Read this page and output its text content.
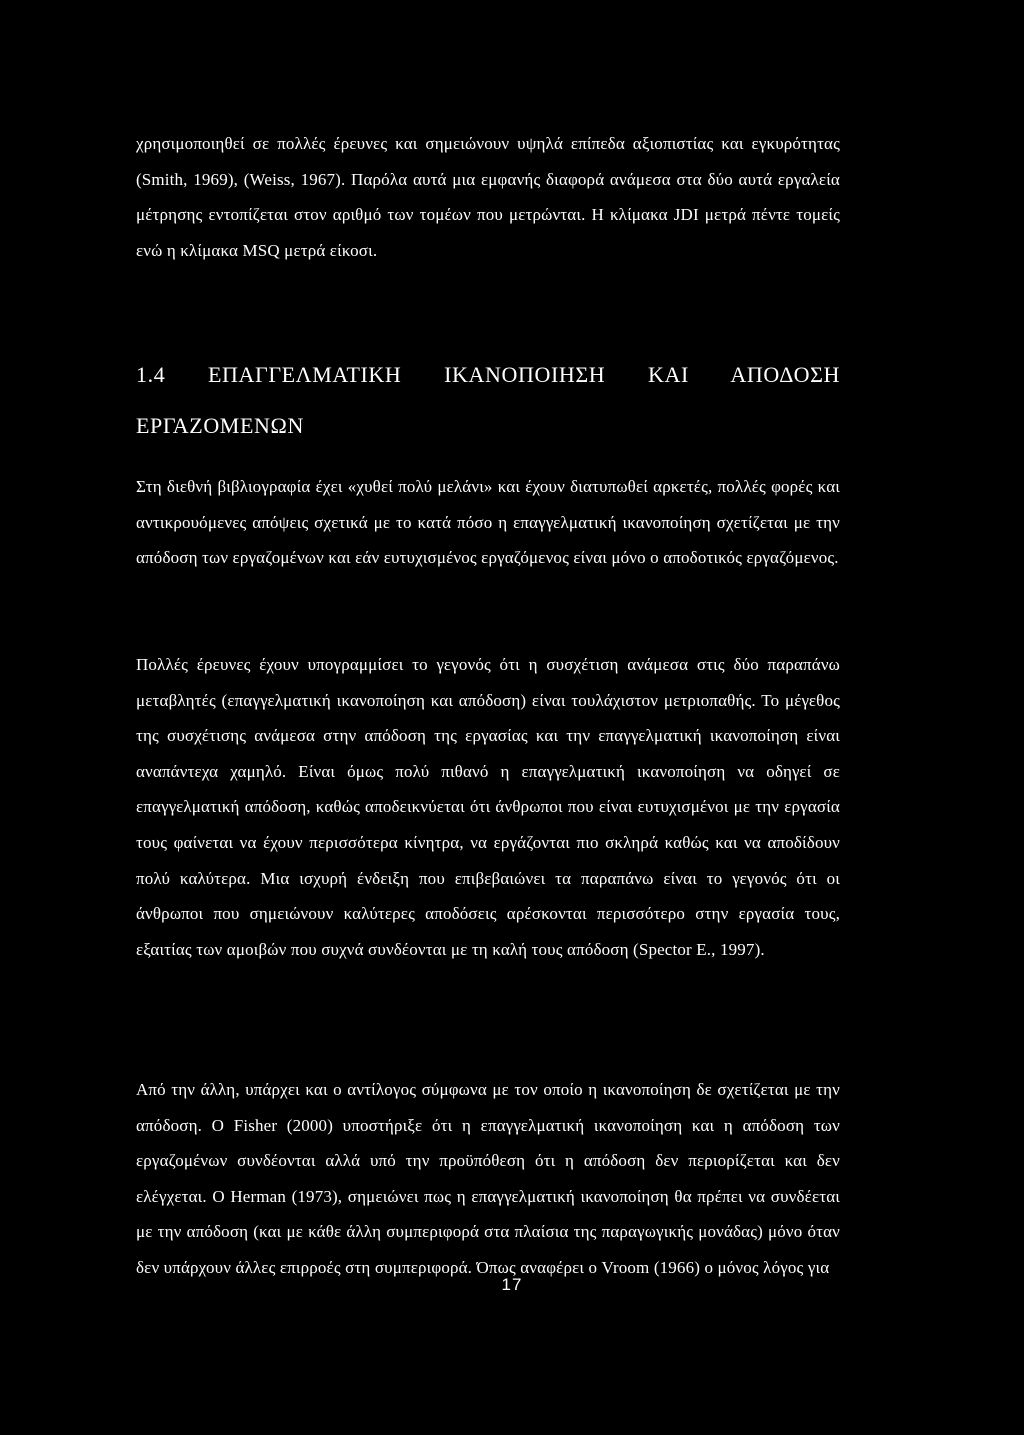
χρησιμοποιηθεί σε πολλές έρευνες και σημειώνουν υψηλά επίπεδα αξιοπιστίας και εγκυρότητας (Smith, 1969), (Weiss, 1967). Παρόλα αυτά μια εμφανής διαφορά ανάμεσα στα δύο αυτά εργαλεία μέτρησης εντοπίζεται στον αριθμό των τομέων που μετρώνται. Η κλίμακα JDI μετρά πέντε τομείς ενώ η κλίμακα MSQ μετρά είκοσι.

1.4 ΕΠΑΓΓΕΛΜΑΤΙΚΗ ΙΚΑΝΟΠΟΙΗΣΗ ΚΑΙ ΑΠΟΔΟΣΗ ΕΡΓΑΖΟΜΕΝΩΝ

Στη διεθνή βιβλιογραφία έχει «χυθεί πολύ μελάνι» και έχουν διατυπωθεί αρκετές, πολλές φορές και αντικρουόμενες απόψεις σχετικά με το κατά πόσο η επαγγελματική ικανοποίηση σχετίζεται με την απόδοση των εργαζομένων και εάν ευτυχισμένος εργαζόμενος είναι μόνο ο αποδοτικός εργαζόμενος.

Πολλές έρευνες έχουν υπογραμμίσει το γεγονός ότι η συσχέτιση ανάμεσα στις δύο παραπάνω μεταβλητές (επαγγελματική ικανοποίηση και απόδοση) είναι τουλάχιστον μετριοπαθής. Το μέγεθος της συσχέτισης ανάμεσα στην απόδοση της εργασίας και την επαγγελματική ικανοποίηση είναι αναπάντεχα χαμηλό. Είναι όμως πολύ πιθανό η επαγγελματική ικανοποίηση να οδηγεί σε επαγγελματική απόδοση, καθώς αποδεικνύεται ότι άνθρωποι που είναι ευτυχισμένοι με την εργασία τους φαίνεται να έχουν περισσότερα κίνητρα, να εργάζονται πιο σκληρά καθώς και να αποδίδουν πολύ καλύτερα. Μια ισχυρή ένδειξη που επιβεβαιώνει τα παραπάνω είναι το γεγονός ότι οι άνθρωποι που σημειώνουν καλύτερες αποδόσεις αρέσκονται περισσότερο στην εργασία τους, εξαιτίας των αμοιβών που συχνά συνδέονται με τη καλή τους απόδοση (Spector E., 1997).

Από την άλλη, υπάρχει και ο αντίλογος σύμφωνα με τον οποίο η ικανοποίηση δε σχετίζεται με την απόδοση. Ο Fisher (2000) υποστήριξε ότι η επαγγελματική ικανοποίηση και η απόδοση των εργαζομένων συνδέονται αλλά υπό την προϋπόθεση ότι η απόδοση δεν περιορίζεται και δεν ελέγχεται. Ο Herman (1973), σημειώνει πως η επαγγελματική ικανοποίηση θα πρέπει να συνδέεται με την απόδοση (και με κάθε άλλη συμπεριφορά στα πλαίσια της παραγωγικής μονάδας) μόνο όταν δεν υπάρχουν άλλες επιρροές στη συμπεριφορά. Όπως αναφέρει ο Vroom (1966) ο μόνος λόγος για

17
